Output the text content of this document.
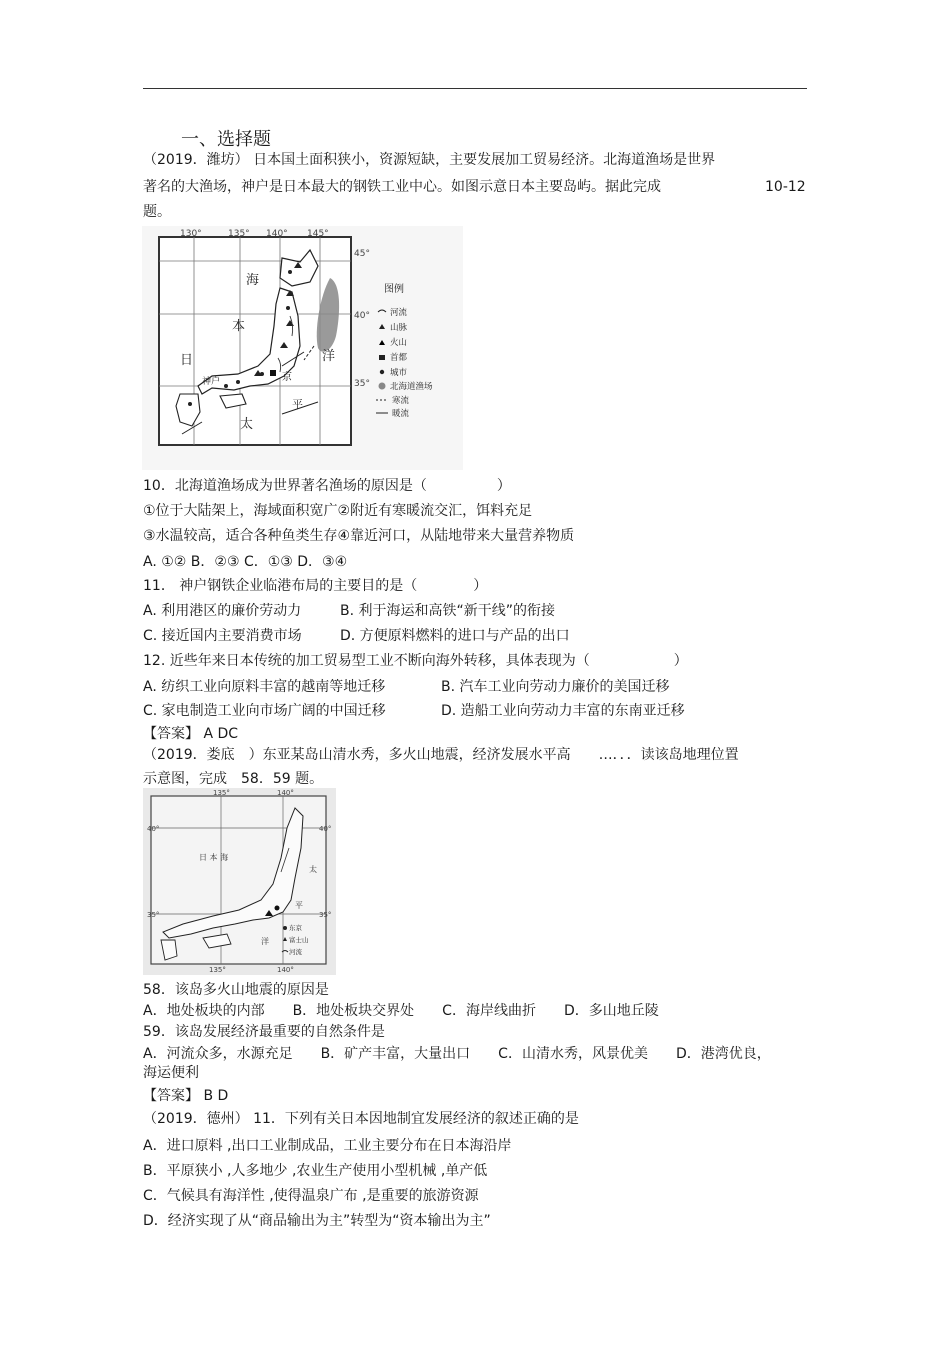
一、选择题
（2019．潍坊） 日本国土面积狭小，资源短缺，主要发展加工贸易经济。北海道渔场是世界
著名的大渔场，神户是日本最大的钢铁工业中心。如图示意日本主要岛屿。据此完成	10-12
题。
130°	135° 140° 145°
45°
40°
35°
海
本
日	洋
平
太
京
神户
图例
河流
山脉
火山
首都
城市
北海道渔场
寒流
暖流
10．北海道渔场成为世界著名渔场的原因是（　　　　　）
①位于大陆架上，海域面积宽广②附近有寒暖流交汇，饵料充足
③水温较高，适合各种鱼类生存④靠近河口，从陆地带来大量营养物质
A. ①② B．②③ C．①③ D．③④
11． 神户钢铁企业临港布局的主要目的是（　　　　）
A. 利用港区的廉价劳动力	B. 利于海运和高铁“新干线”的衔接
C. 接近国内主要消费市场	D. 方便原料燃料的进口与产品的出口
12. 近些年来日本传统的加工贸易型工业不断向海外转移，具体表现为（　　　　　　）
A. 纺织工业向原料丰富的越南等地迁移	B. 汽车工业向劳动力廉价的美国迁移
C. 家电制造工业向市场广阔的中国迁移	D. 造船工业向劳动力丰富的东南亚迁移
【答案】 A DC
（2019．娄底　）东亚某岛山清水秀，多火山地震，经济发展水平高　　…．．．读该岛地理位置
示意图，完成　58．59 题。
135°	140°
135°	140°
40°	40°
35°	35°
日 本 海
太
平
洋
东京
富士山
河流
58．该岛多火山地震的原因是
A．地处板块的内部　　B．地处板块交界处　　C．海岸线曲折　　D．多山地丘陵
59．该岛发展经济最重要的自然条件是
A．河流众多，水源充足　　B．矿产丰富，大量出口　　C．山清水秀，风景优美　　D．港湾优良，
海运便利
【答案】 B D
（2019．德州） 11．下列有关日本因地制宜发展经济的叙述正确的是
A．进口原料 ,出口工业制成品，工业主要分布在日本海沿岸
B．平原狭小 ,人多地少 ,农业生产使用小型机械 ,单产低
C．气候具有海洋性 ,使得温泉广布 ,是重要的旅游资源
D．经济实现了从“商品输出为主”转型为“资本输出为主”
